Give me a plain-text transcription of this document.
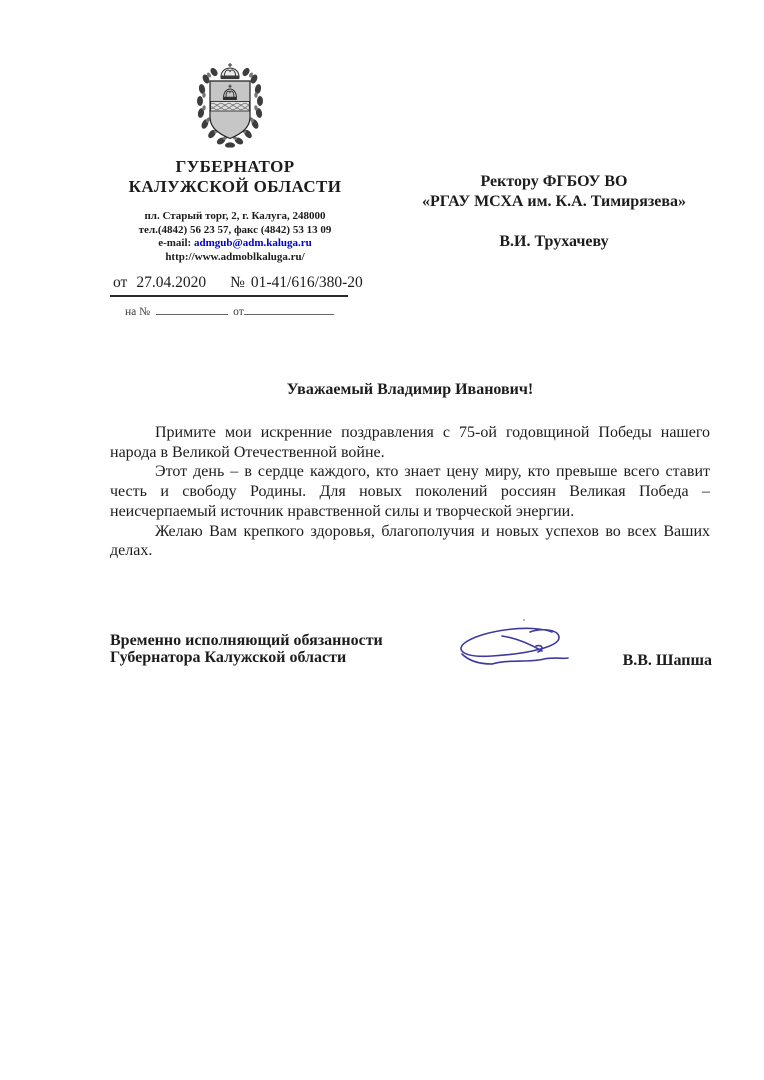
ГУБЕРНАТОР
КАЛУЖСКОЙ ОБЛАСТИ
пл. Старый торг, 2, г. Калуга, 248000
тел.(4842) 56 23 57, факс (4842) 53 13 09
e-mail: admgub@adm.kaluga.ru
http://www.admoblkaluga.ru/
от 27.04.2020 № 01-41/616/380-20
на №	от
Ректору ФГБОУ ВО
«РГАУ МСХА им. К.А. Тимирязева»
В.И. Трухачеву
Уважаемый Владимир Иванович!

Примите мои искренние поздравления с 75-ой годовщиной Победы нашего народа в Великой Отечественной войне.

Этот день – в сердце каждого, кто знает цену миру, кто превыше всего ставит честь и свободу Родины. Для новых поколений россиян Великая Победа – неисчерпаемый источник нравственной силы и творческой энергии.

Желаю Вам крепкого здоровья, благополучия и новых успехов во всех Ваших делах.

Временно исполняющий обязанности
Губернатора Калужской области	В.В. Шапша
